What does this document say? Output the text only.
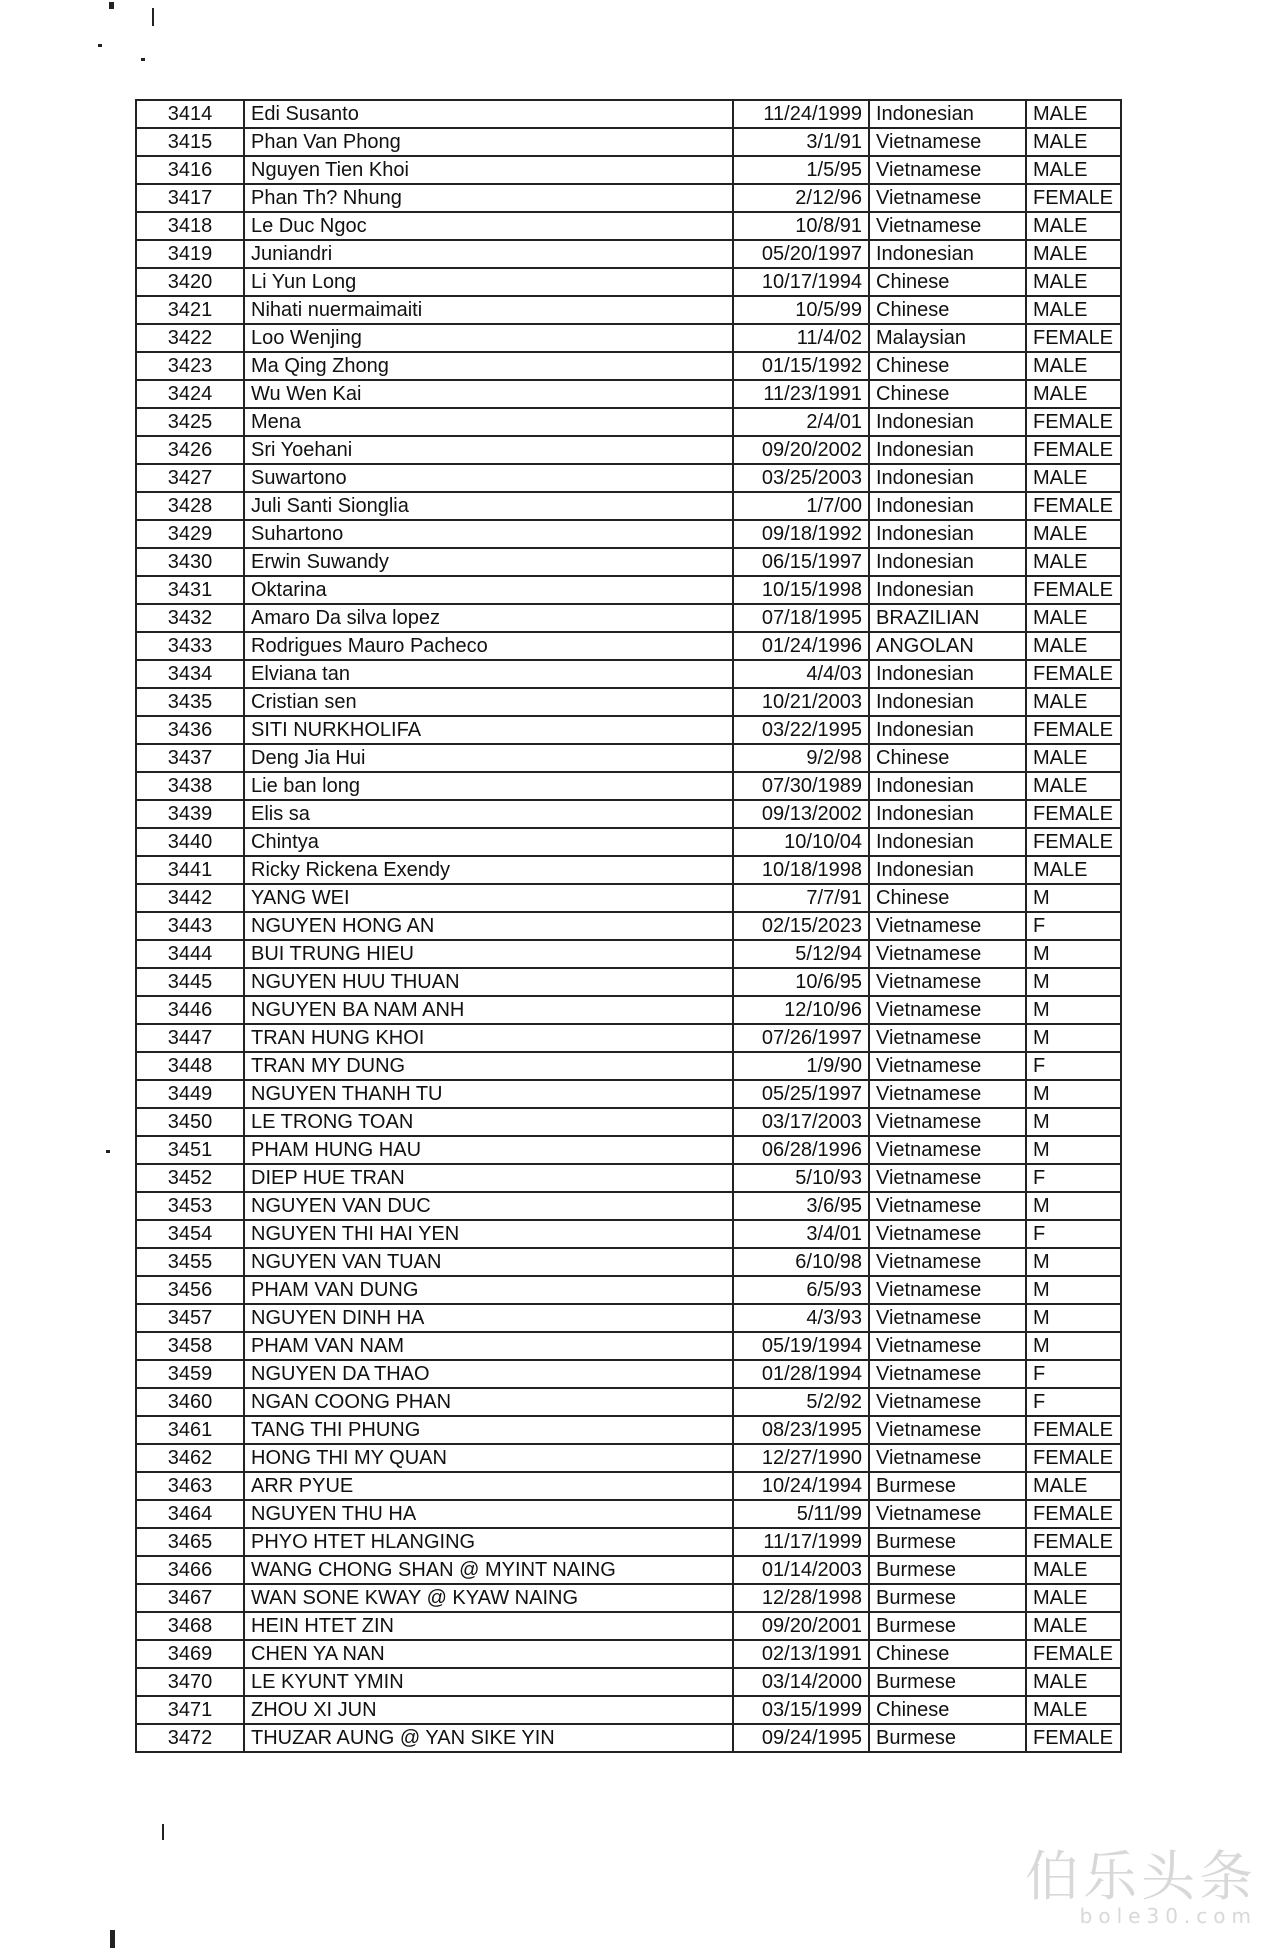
3414	Edi Susanto	11/24/1999	Indonesian	MALE
3415	Phan Van Phong	3/1/91	Vietnamese	MALE
3416	Nguyen Tien Khoi	1/5/95	Vietnamese	MALE
3417	Phan Th? Nhung	2/12/96	Vietnamese	FEMALE
3418	Le Duc Ngoc	10/8/91	Vietnamese	MALE
3419	Juniandri	05/20/1997	Indonesian	MALE
3420	Li Yun Long	10/17/1994	Chinese	MALE
3421	Nihati nuermaimaiti	10/5/99	Chinese	MALE
3422	Loo Wenjing	11/4/02	Malaysian	FEMALE
3423	Ma Qing Zhong	01/15/1992	Chinese	MALE
3424	Wu Wen Kai	11/23/1991	Chinese	MALE
3425	Mena	2/4/01	Indonesian	FEMALE
3426	Sri Yoehani	09/20/2002	Indonesian	FEMALE
3427	Suwartono	03/25/2003	Indonesian	MALE
3428	Juli Santi Sionglia	1/7/00	Indonesian	FEMALE
3429	Suhartono	09/18/1992	Indonesian	MALE
3430	Erwin Suwandy	06/15/1997	Indonesian	MALE
3431	Oktarina	10/15/1998	Indonesian	FEMALE
3432	Amaro Da silva lopez	07/18/1995	BRAZILIAN	MALE
3433	Rodrigues Mauro Pacheco	01/24/1996	ANGOLAN	MALE
3434	Elviana tan	4/4/03	Indonesian	FEMALE
3435	Cristian sen	10/21/2003	Indonesian	MALE
3436	SITI NURKHOLIFA	03/22/1995	Indonesian	FEMALE
3437	Deng Jia Hui	9/2/98	Chinese	MALE
3438	Lie ban long	07/30/1989	Indonesian	MALE
3439	Elis sa	09/13/2002	Indonesian	FEMALE
3440	Chintya	10/10/04	Indonesian	FEMALE
3441	Ricky Rickena Exendy	10/18/1998	Indonesian	MALE
3442	YANG WEI	7/7/91	Chinese	M
3443	NGUYEN HONG AN	02/15/2023	Vietnamese	F
3444	BUI TRUNG HIEU	5/12/94	Vietnamese	M
3445	NGUYEN HUU THUAN	10/6/95	Vietnamese	M
3446	NGUYEN BA NAM ANH	12/10/96	Vietnamese	M
3447	TRAN HUNG KHOI	07/26/1997	Vietnamese	M
3448	TRAN MY DUNG	1/9/90	Vietnamese	F
3449	NGUYEN THANH TU	05/25/1997	Vietnamese	M
3450	LE TRONG TOAN	03/17/2003	Vietnamese	M
3451	PHAM HUNG HAU	06/28/1996	Vietnamese	M
3452	DIEP HUE TRAN	5/10/93	Vietnamese	F
3453	NGUYEN VAN DUC	3/6/95	Vietnamese	M
3454	NGUYEN THI HAI YEN	3/4/01	Vietnamese	F
3455	NGUYEN VAN TUAN	6/10/98	Vietnamese	M
3456	PHAM VAN DUNG	6/5/93	Vietnamese	M
3457	NGUYEN DINH HA	4/3/93	Vietnamese	M
3458	PHAM VAN NAM	05/19/1994	Vietnamese	M
3459	NGUYEN DA THAO	01/28/1994	Vietnamese	F
3460	NGAN COONG PHAN	5/2/92	Vietnamese	F
3461	TANG THI PHUNG	08/23/1995	Vietnamese	FEMALE
3462	HONG THI MY QUAN	12/27/1990	Vietnamese	FEMALE
3463	ARR PYUE	10/24/1994	Burmese	MALE
3464	NGUYEN THU HA	5/11/99	Vietnamese	FEMALE
3465	PHYO HTET HLANGING	11/17/1999	Burmese	FEMALE
3466	WANG CHONG SHAN @ MYINT NAING	01/14/2003	Burmese	MALE
3467	WAN SONE KWAY @ KYAW NAING	12/28/1998	Burmese	MALE
3468	HEIN HTET ZIN	09/20/2001	Burmese	MALE
3469	CHEN YA NAN	02/13/1991	Chinese	FEMALE
3470	LE KYUNT YMIN	03/14/2000	Burmese	MALE
3471	ZHOU XI JUN	03/15/1999	Chinese	MALE
3472	THUZAR AUNG @ YAN SIKE YIN	09/24/1995	Burmese	FEMALE
伯乐头条
bole30.com
